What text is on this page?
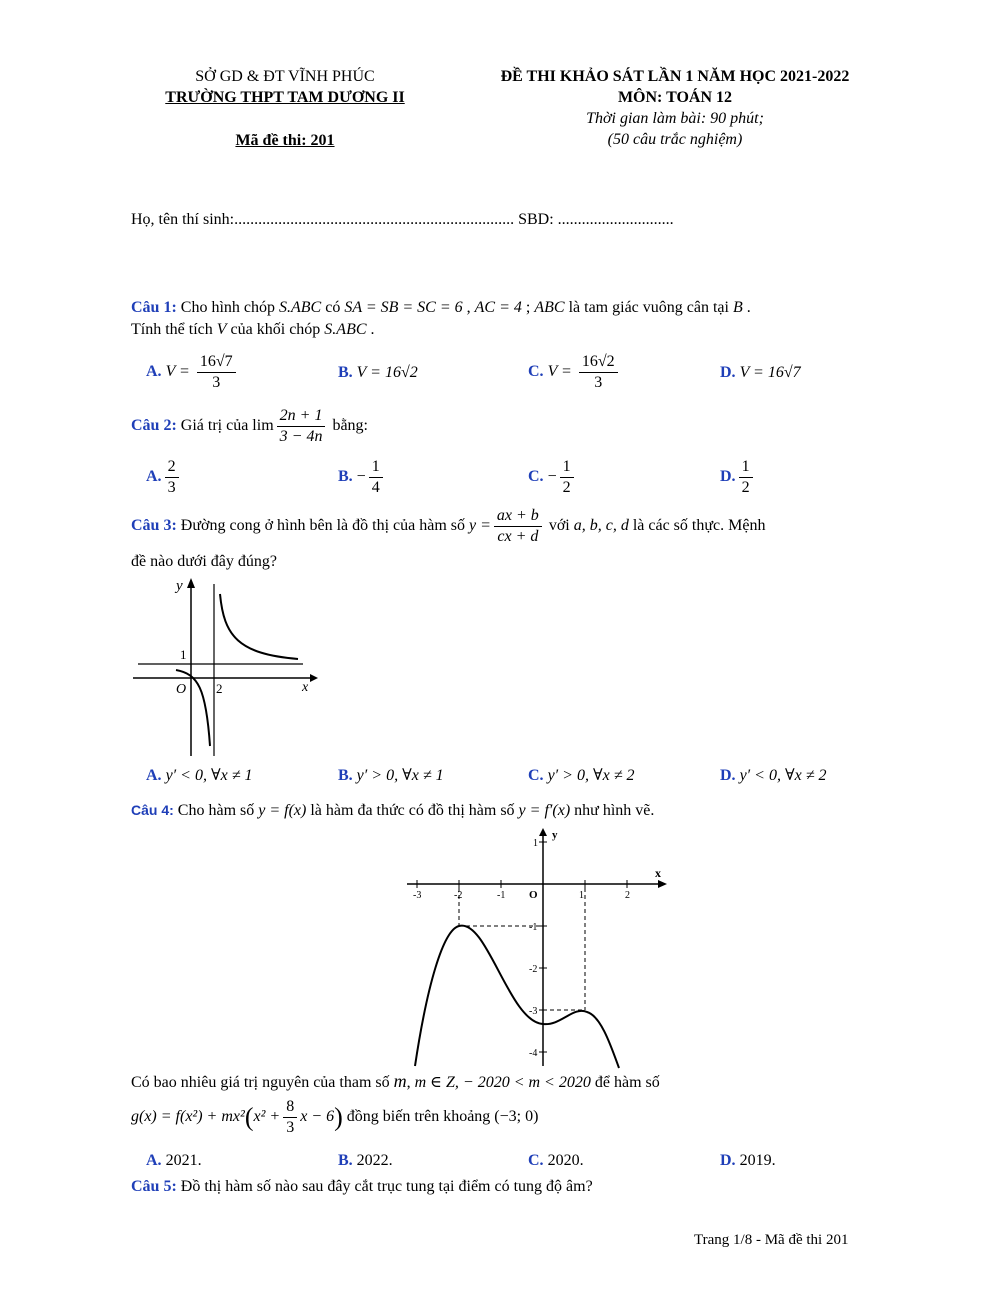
SỞ GD & ĐT VĨNH PHÚC
TRƯỜNG THPT TAM DƯƠNG II
Mã đề thi: 201
ĐỀ THI KHẢO SÁT LẦN 1 NĂM HỌC 2021-2022
MÔN: TOÁN 12
Thời gian làm bài: 90 phút;
(50 câu trắc nghiệm)
Họ, tên thí sinh:...................................................................... SBD: .............................
Câu 1: Cho hình chóp S.ABC có SA = SB = SC = 6 , AC = 4 ; ABC là tam giác vuông cân tại B .
Tính thể tích V của khối chóp S.ABC .
A. $V = \frac{16√7}{3}$	B. V = 16√2	C. $V = \frac{16√2}{3}$	D. V = 16√7
Câu 2: Giá trị của $\lim \frac{2n + 1}{3 - 4n}$ bằng:
A. $\frac{2}{3}$	B. − $\frac{1}{4}$	C. − $\frac{1}{2}$	D. $\frac{1}{2}$
Câu 3: Đường cong ở hình bên là đồ thị của hàm số $y = \frac{ax + b}{cx + d}$ với a, b, c, d là các số thực. Mệnh
đề nào dưới đây đúng?
y
1
O 2	x
A. y′ < 0, ∀x ≠ 1	B. y′ > 0, ∀x ≠ 1	C. y′ > 0, ∀x ≠ 2	D. y′ < 0, ∀x ≠ 2
Câu 4: Cho hàm số y = f(x) là hàm đa thức có đồ thị hàm số y = f′(x) như hình vẽ.
-3	-2	-1	1	2
1
-1
-2
-3
-4
O
y
x
Có bao nhiêu giá trị nguyên của tham số m, m ∈ Z, − 2020 < m < 2020 để hàm số
$g(x) = f(x^2) + mx^2(x^2 + \frac{8}{3}$ x − 6) đồng biến trên khoảng (−3; 0)
A. 2021.	B. 2022.	C. 2020.	D. 2019.
Câu 5: Đồ thị hàm số nào sau đây cắt trục tung tại điểm có tung độ âm?
Trang 1/8 - Mã đề thi 201
